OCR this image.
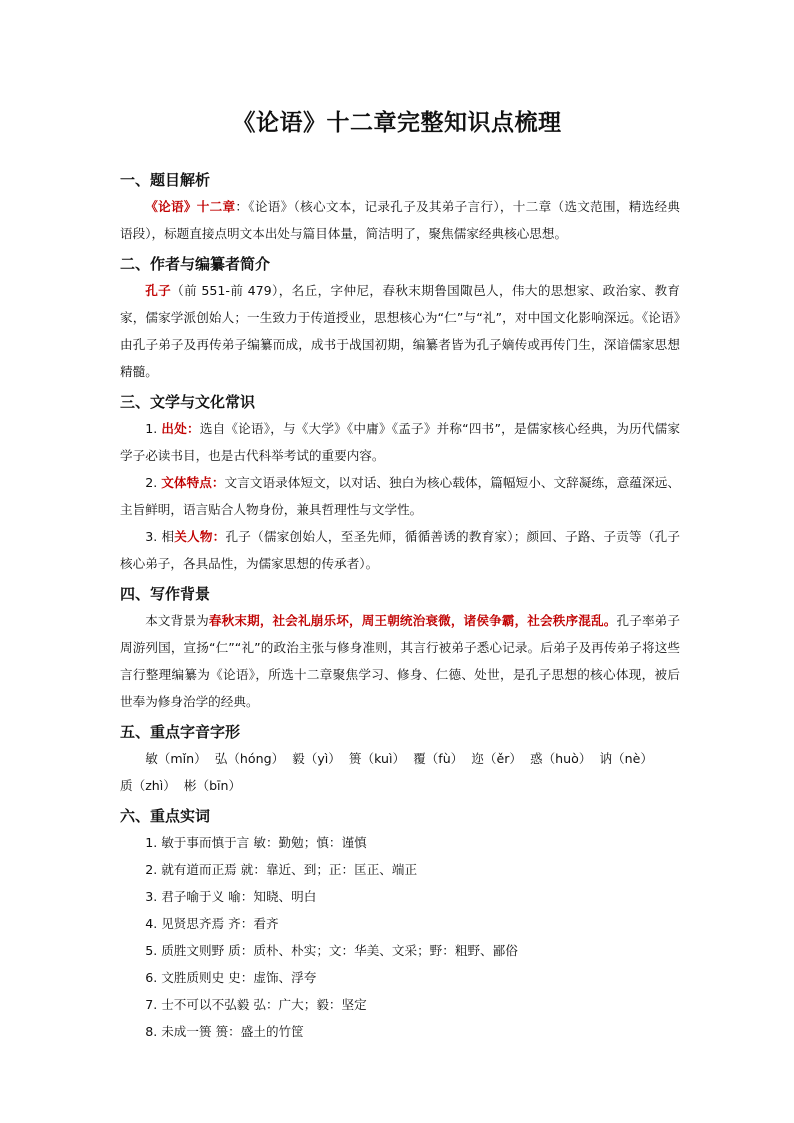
《论语》十二章完整知识点梳理
一、题目解析

《论语》十二章：《论语》（核心文本，记录孔子及其弟子言行），十二章（选文范围，精选经典语段），标题直接点明文本出处与篇目体量，简洁明了，聚焦儒家经典核心思想。

二、作者与编纂者简介

孔子（前 551-前 479），名丘，字仲尼，春秋末期鲁国陬邑人，伟大的思想家、政治家、教育家，儒家学派创始人；一生致力于传道授业，思想核心为“仁”与“礼”，对中国文化影响深远。《论语》由孔子弟子及再传弟子编纂而成，成书于战国初期，编纂者皆为孔子嫡传或再传门生，深谙儒家思想精髓。

三、文学与文化常识

1. 出处：选自《论语》，与《大学》《中庸》《孟子》并称“四书”，是儒家核心经典，为历代儒家学子必读书目，也是古代科举考试的重要内容。

2. 文体特点：文言文语录体短文，以对话、独白为核心载体，篇幅短小、文辞凝练，意蕴深远、主旨鲜明，语言贴合人物身份，兼具哲理性与文学性。

3. 相关人物：孔子（儒家创始人，至圣先师，循循善诱的教育家）；颜回、子路、子贡等（孔子核心弟子，各具品性，为儒家思想的传承者）。

四、写作背景

本文背景为春秋末期，社会礼崩乐坏，周王朝统治衰微，诸侯争霸，社会秩序混乱。孔子率弟子周游列国，宣扬“仁”“礼”的政治主张与修身准则，其言行被弟子悉心记录。后弟子及再传弟子将这些言行整理编纂为《论语》，所选十二章聚焦学习、修身、仁德、处世，是孔子思想的核心体现，被后世奉为修身治学的经典。

五、重点字音字形

敏（mǐn） 弘（hóng） 毅（yì） 篑（kuì） 覆（fù） 迩（ěr） 惑（huò） 讷（nè）

质（zhì） 彬（bīn）

六、重点实词

1. 敏于事而慎于言 敏：勤勉；慎：谨慎

2. 就有道而正焉 就：靠近、到；正：匡正、端正

3. 君子喻于义 喻：知晓、明白

4. 见贤思齐焉 齐：看齐

5. 质胜文则野 质：质朴、朴实；文：华美、文采；野：粗野、鄙俗

6. 文胜质则史 史：虚饰、浮夸

7. 士不可以不弘毅 弘：广大；毅：坚定

8. 未成一篑 篑：盛土的竹筐
